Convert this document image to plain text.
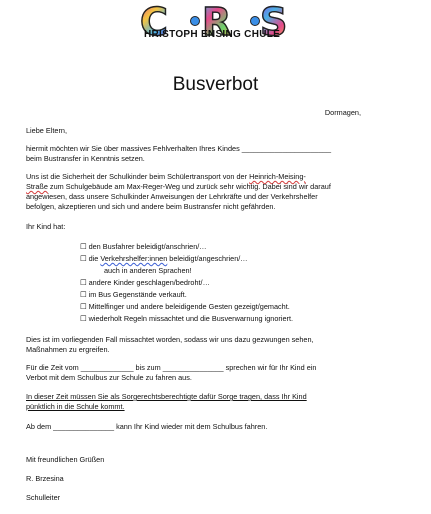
C R S
HRISTOPH ENSING CHULE
Busverbot
Dormagen,
Liebe Eltern,
hiermit möchten wir Sie über massives Fehlverhalten Ihres Kindes ______________________
beim Bustransfer in Kenntnis setzen.
Uns ist die Sicherheit der Schulkinder beim Schülertransport von der Heinrich-Meising-
Straße zum Schulgebäude am Max-Reger-Weg und zurück sehr wichtig. Dabei sind wir darauf
angewiesen, dass unsere Schulkinder Anweisungen der Lehrkräfte und der Verkehrshelfer
befolgen, akzeptieren und sich und andere beim Bustransfer nicht gefährden.
Ihr Kind hat:
☐ den Busfahrer beleidigt/anschrien/…
☐ die Verkehrshelfer:innen beleidigt/angeschrien/…
auch in anderen Sprachen!
☐ andere Kinder geschlagen/bedroht/…
☐ im Bus Gegenstände verkauft.
☐ Mittelfinger und andere beleidigende Gesten gezeigt/gemacht.
☐ wiederholt Regeln missachtet und die Busverwarnung ignoriert.
Dies ist im vorliegenden Fall missachtet worden, sodass wir uns dazu gezwungen sehen,
Maßnahmen zu ergreifen.
Für die Zeit vom _____________ bis zum _______________ sprechen wir für Ihr Kind ein
Verbot mit dem Schulbus zur Schule zu fahren aus.
In dieser Zeit müssen Sie als Sorgerechtsberechtigte dafür Sorge tragen, dass Ihr Kind
pünktlich in die Schule kommt.
Ab dem _______________ kann Ihr Kind wieder mit dem Schulbus fahren.
Mit freundlichen Grüßen
R. Brzesina
Schulleiter
